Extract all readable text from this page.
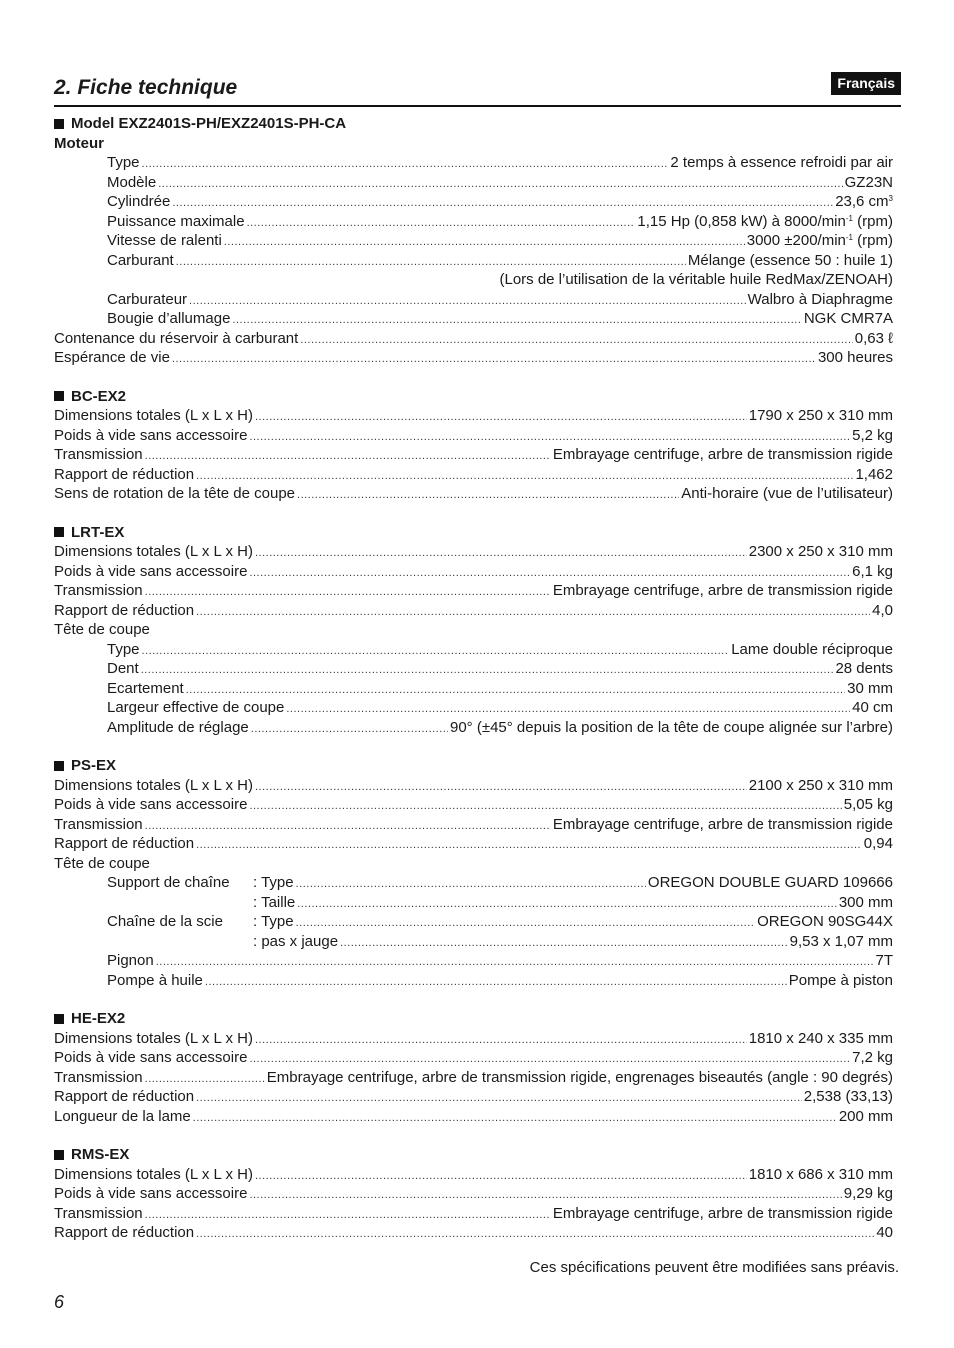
2. Fiche technique	Français
Model EXZ2401S-PH/EXZ2401S-PH-CA
Moteur
Type .....	2 temps à essence refroidi par air
Modèle .....	GZ23N
Cylindrée .....	23,6 $cm^3$
Puissance maximale .....	1,15 Hp (0,858 kW) à $8000/\min^{-1}$ (rpm)
Vitesse de ralenti .....	$3000 \pm 200/\min^{-1}$ (rpm)
Carburant .....	Mélange (essence 50 : huile 1)
(Lors de l’utilisation de la véritable huile RedMax/ZENOAH)
Carburateur .....	Walbro à Diaphragme
Bougie d’allumage .....	NGK CMR7A
Contenance du réservoir à carburant .....	0,63 ℓ
Espérance de vie .....	300 heures
BC-EX2
Dimensions totales (L x L x H) .....	1790 x 250 x 310 mm
Poids à vide sans accessoire .....	5,2 kg
Transmission .....	Embrayage centrifuge, arbre de transmission rigide
Rapport de réduction .....	1,462
Sens de rotation de la tête de coupe .....	Anti-horaire (vue de l’utilisateur)
LRT-EX
Dimensions totales (L x L x H) .....	2300 x 250 x 310 mm
Poids à vide sans accessoire .....	6,1 kg
Transmission .....	Embrayage centrifuge, arbre de transmission rigide
Rapport de réduction .....	4,0
Tête de coupe
Type .....	Lame double réciproque
Dent .....	28 dents
Ecartement .....	30 mm
Largeur effective de coupe .....	40 cm
Amplitude de réglage .....	90° (±45° depuis la position de la tête de coupe alignée sur l’arbre)
PS-EX
Dimensions totales (L x L x H) .....	2100 x 250 x 310 mm
Poids à vide sans accessoire .....	5,05 kg
Transmission .....	Embrayage centrifuge, arbre de transmission rigide
Rapport de réduction .....	0,94
Tête de coupe
Support de chaîne	: Type .....	OREGON DOUBLE GUARD 109666
: Taille .....	300 mm
Chaîne de la scie	: Type .....	OREGON 90SG44X
: pas x jauge .....	9,53 x 1,07 mm
Pignon .....	7T
Pompe à huile .....	Pompe à piston
HE-EX2
Dimensions totales (L x L x H) .....	1810 x 240 x 335 mm
Poids à vide sans accessoire .....	7,2 kg
Transmission .....	Embrayage centrifuge, arbre de transmission rigide, engrenages biseautés (angle : 90 degrés)
Rapport de réduction .....	2,538 (33,13)
Longueur de la lame .....	200 mm
RMS-EX
Dimensions totales (L x L x H) .....	1810 x 686 x 310 mm
Poids à vide sans accessoire .....	9,29 kg
Transmission .....	Embrayage centrifuge, arbre de transmission rigide
Rapport de réduction .....	40
Ces spécifications peuvent être modifiées sans préavis.
6
